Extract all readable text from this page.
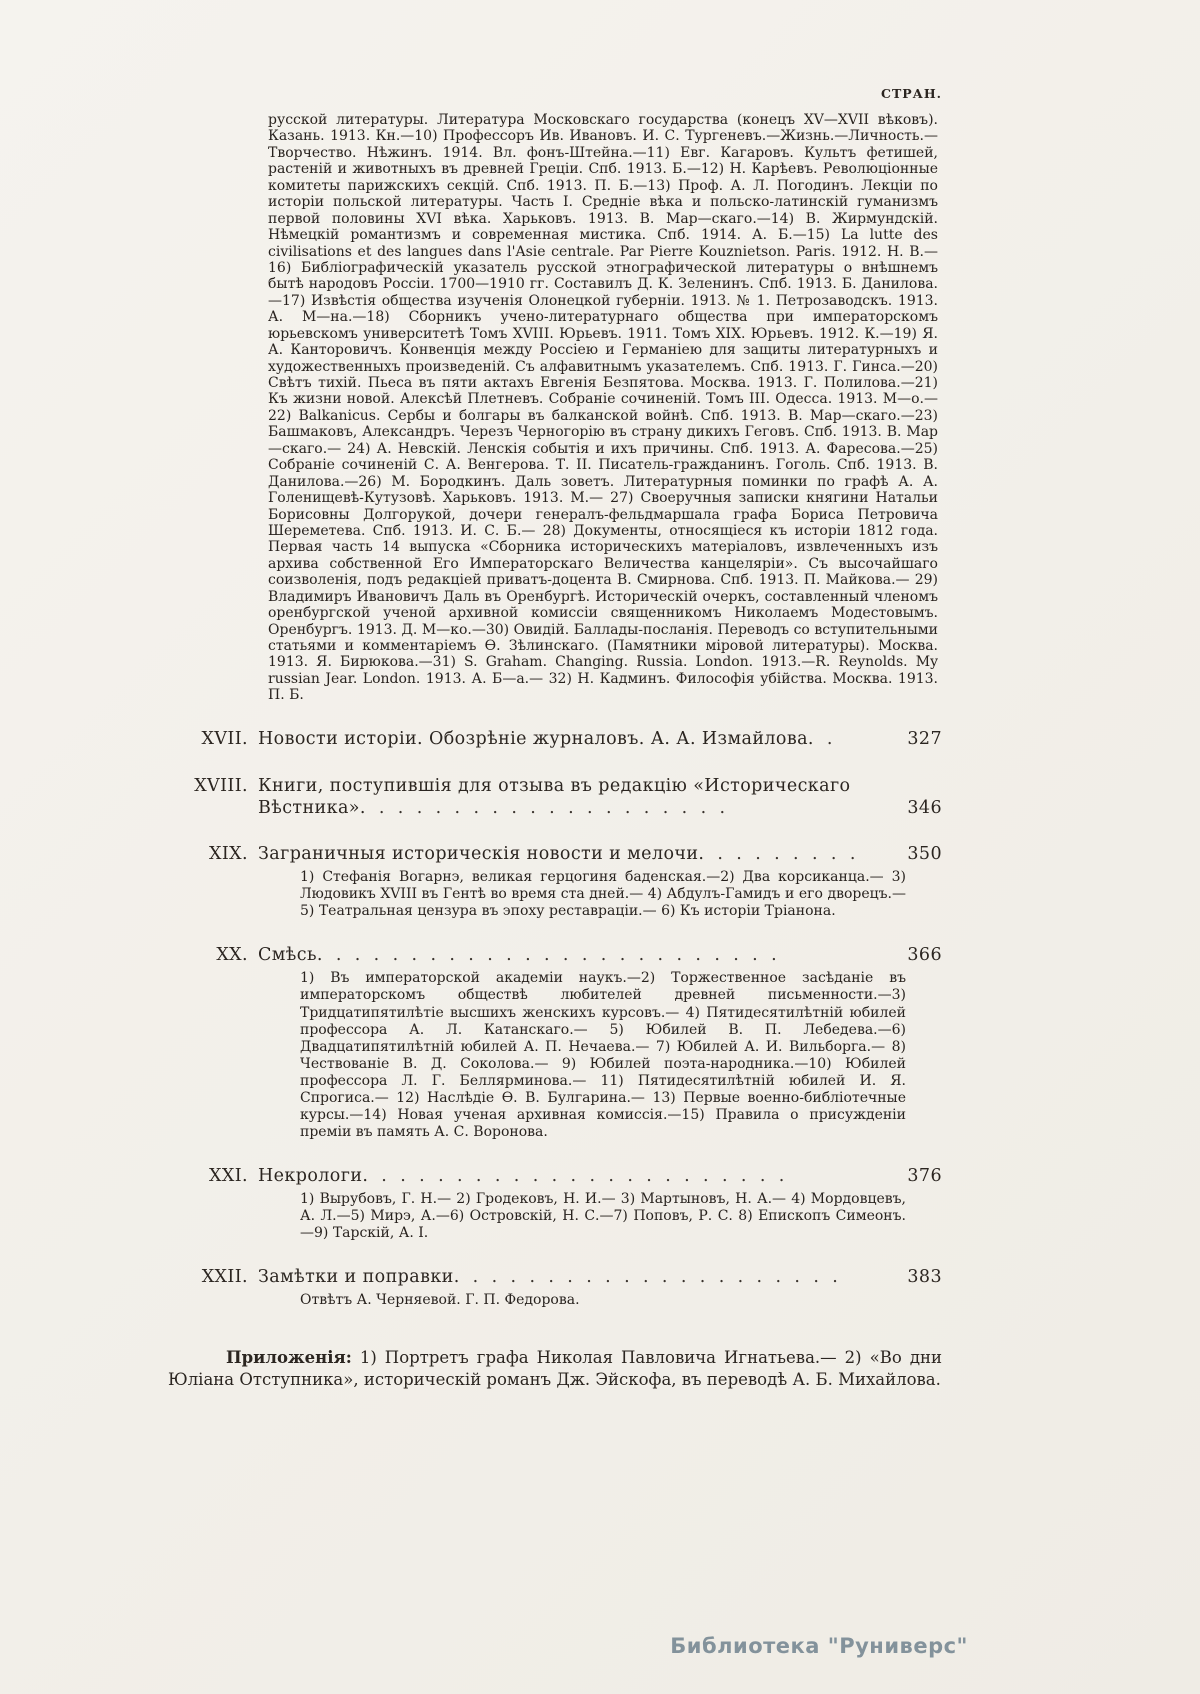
СТРАН.
русской литературы. Литература Московскаго государства (конецъ XV—XVII вѣковъ). Казань. 1913. Кн.—10) Профессоръ Ив. Ивановъ. И. С. Тургеневъ.—Жизнь.—Личность.—Творчество. Нѣжинъ. 1914. Вл. фонъ-Штейна.—11) Евг. Кагаровъ. Культъ фетишей, растеній и животныхъ въ древней Греціи. Спб. 1913. Б.—12) Н. Карѣевъ. Революціонные комитеты парижскихъ секцій. Спб. 1913. П. Б.—13) Проф. А. Л. Погодинъ. Лекціи по исторіи польской литературы. Часть I. Средніе вѣка и польско-латинскій гуманизмъ первой половины XVI вѣка. Харьковъ. 1913. В. Мар—скаго.—14) В. Жирмундскій. Нѣмецкій романтизмъ и современная мистика. Спб. 1914. А. Б.—15) La lutte des civilisations et des langues dans l'Asie centrale. Par Pierre Kouznietson. Paris. 1912. Н. В.—16) Библіографическій указатель русской этнографической литературы о внѣшнемъ бытѣ народовъ Россіи. 1700—1910 гг. Составилъ Д. К. Зеленинъ. Спб. 1913. Б. Данилова.—17) Извѣстія общества изученія Олонецкой губерніи. 1913. № 1. Петрозаводскъ. 1913. А. М—на.—18) Сборникъ учено-литературнаго общества при императорскомъ юрьевскомъ университетѣ Томъ XVIII. Юрьевъ. 1911. Томъ XIX. Юрьевъ. 1912. К.—19) Я. А. Канторовичъ. Конвенція между Россіею и Германіею для защиты литературныхъ и художественныхъ произведеній. Съ алфавитнымъ указателемъ. Спб. 1913. Г. Гинса.—20) Свѣтъ тихій. Пьеса въ пяти актахъ Евгенія Безпятова. Москва. 1913. Г. Полилова.—21) Къ жизни новой. Алексѣй Плетневъ. Собраніе сочиненій. Томъ III. Одесса. 1913. М—о.— 22) Balkanicus. Сербы и болгары въ балканской войнѣ. Спб. 1913. В. Мар—скаго.—23) Башмаковъ, Александръ. Черезъ Черногорію въ страну дикихъ Геговъ. Спб. 1913. В. Мар—скаго.— 24) А. Невскій. Ленскія событія и ихъ причины. Спб. 1913. А. Фаресова.—25) Собраніе сочиненій С. А. Венгерова. Т. II. Писатель-гражданинъ. Гоголь. Спб. 1913. В. Данилова.—26) М. Бородкинъ. Даль зоветъ. Литературныя поминки по графѣ А. А. Голенищевѣ-Кутузовѣ. Харьковъ. 1913. М.— 27) Своеручныя записки княгини Натальи Борисовны Долгорукой, дочери генералъ-фельдмаршала графа Бориса Петровича Шереметева. Спб. 1913. И. С. Б.— 28) Документы, относящіеся къ исторіи 1812 года. Первая часть 14 выпуска «Сборника историческихъ матеріаловъ, извлеченныхъ изъ архива собственной Его Императорскаго Величества канцеляріи». Съ высочайшаго соизволенія, подъ редакціей приватъ-доцента В. Смирнова. Спб. 1913. П. Майкова.— 29) Владимиръ Ивановичъ Даль въ Оренбургѣ. Историческій очеркъ, составленный членомъ оренбургской ученой архивной комиссіи священникомъ Николаемъ Модестовымъ. Оренбургъ. 1913. Д. М—ко.—30) Овидій. Баллады-посланія. Переводъ со вступительными статьями и комментаріемъ Ѳ. Зѣлинскаго. (Памятники міровой литературы). Москва. 1913. Я. Бирюкова.—31) S. Graham. Changing. Russia. London. 1913.—R. Reynolds. My russian Jear. London. 1913. А. Б—а.— 32) Н. Кадминъ. Философія убійства. Москва. 1913. П. Б.
XVII. Новости исторіи. Обозрѣніе журналовъ. А. А. Измайлова. .	327
XVIII. Книги, поступившія для отзыва въ редакцію «Историческаго Вѣстника». . . . . . . . . . . . . . . . . . . .	346
XIX. Заграничныя историческія новости и мелочи. . . . . . . . .	350
1) Стефанія Вогарнэ, великая герцогиня баденская.—2) Два корсиканца.— 3) Людовикъ XVIII въ Гентѣ во время ста дней.— 4) Абдулъ-Гамидъ и его дворецъ.— 5) Театральная цензура въ эпоху реставраціи.— 6) Къ исторіи Тріанона.
XX. Смѣсь. . . . . . . . . . . . . . . . . . . . . . . . .	366
1) Въ императорской академіи наукъ.—2) Торжественное засѣданіе въ императорскомъ обществѣ любителей древней письменности.—3) Тридцатипятилѣтіе высшихъ женскихъ курсовъ.— 4) Пятидесятилѣтній юбилей профессора А. Л. Катанскаго.— 5) Юбилей В. П. Лебедева.—6) Двадцатипятилѣтній юбилей А. П. Нечаева.— 7) Юбилей А. И. Вильборга.— 8) Чествованіе В. Д. Соколова.— 9) Юбилей поэта-народника.—10) Юбилей профессора Л. Г. Беллярминова.— 11) Пятидесятилѣтній юбилей И. Я. Спрогиса.— 12) Наслѣдіе Ѳ. В. Булгарина.— 13) Первые военно-библіотечные курсы.—14) Новая ученая архивная комиссія.—15) Правила о присужденіи преміи въ память А. С. Воронова.
XXI. Некрологи. . . . . . . . . . . . . . . . . . . . . . .	376
1) Вырубовъ, Г. Н.— 2) Гродековъ, Н. И.— 3) Мартыновъ, Н. А.— 4) Мордовцевъ, А. Л.—5) Мирэ, А.—6) Островскій, Н. С.—7) Поповъ, Р. С. 8) Епископъ Симеонъ.—9) Тарскій, А. I.
XXII. Замѣтки и поправки. . . . . . . . . . . . . . . . . . . . .	383
Отвѣтъ А. Черняевой. Г. П. Федорова.
Приложенія: 1) Портретъ графа Николая Павловича Игнатьева.— 2) «Во дни Юліана Отступника», историческій романъ Дж. Эйскофа, въ переводѣ А. Б. Михайлова.
Библиотека "Руниверс"
